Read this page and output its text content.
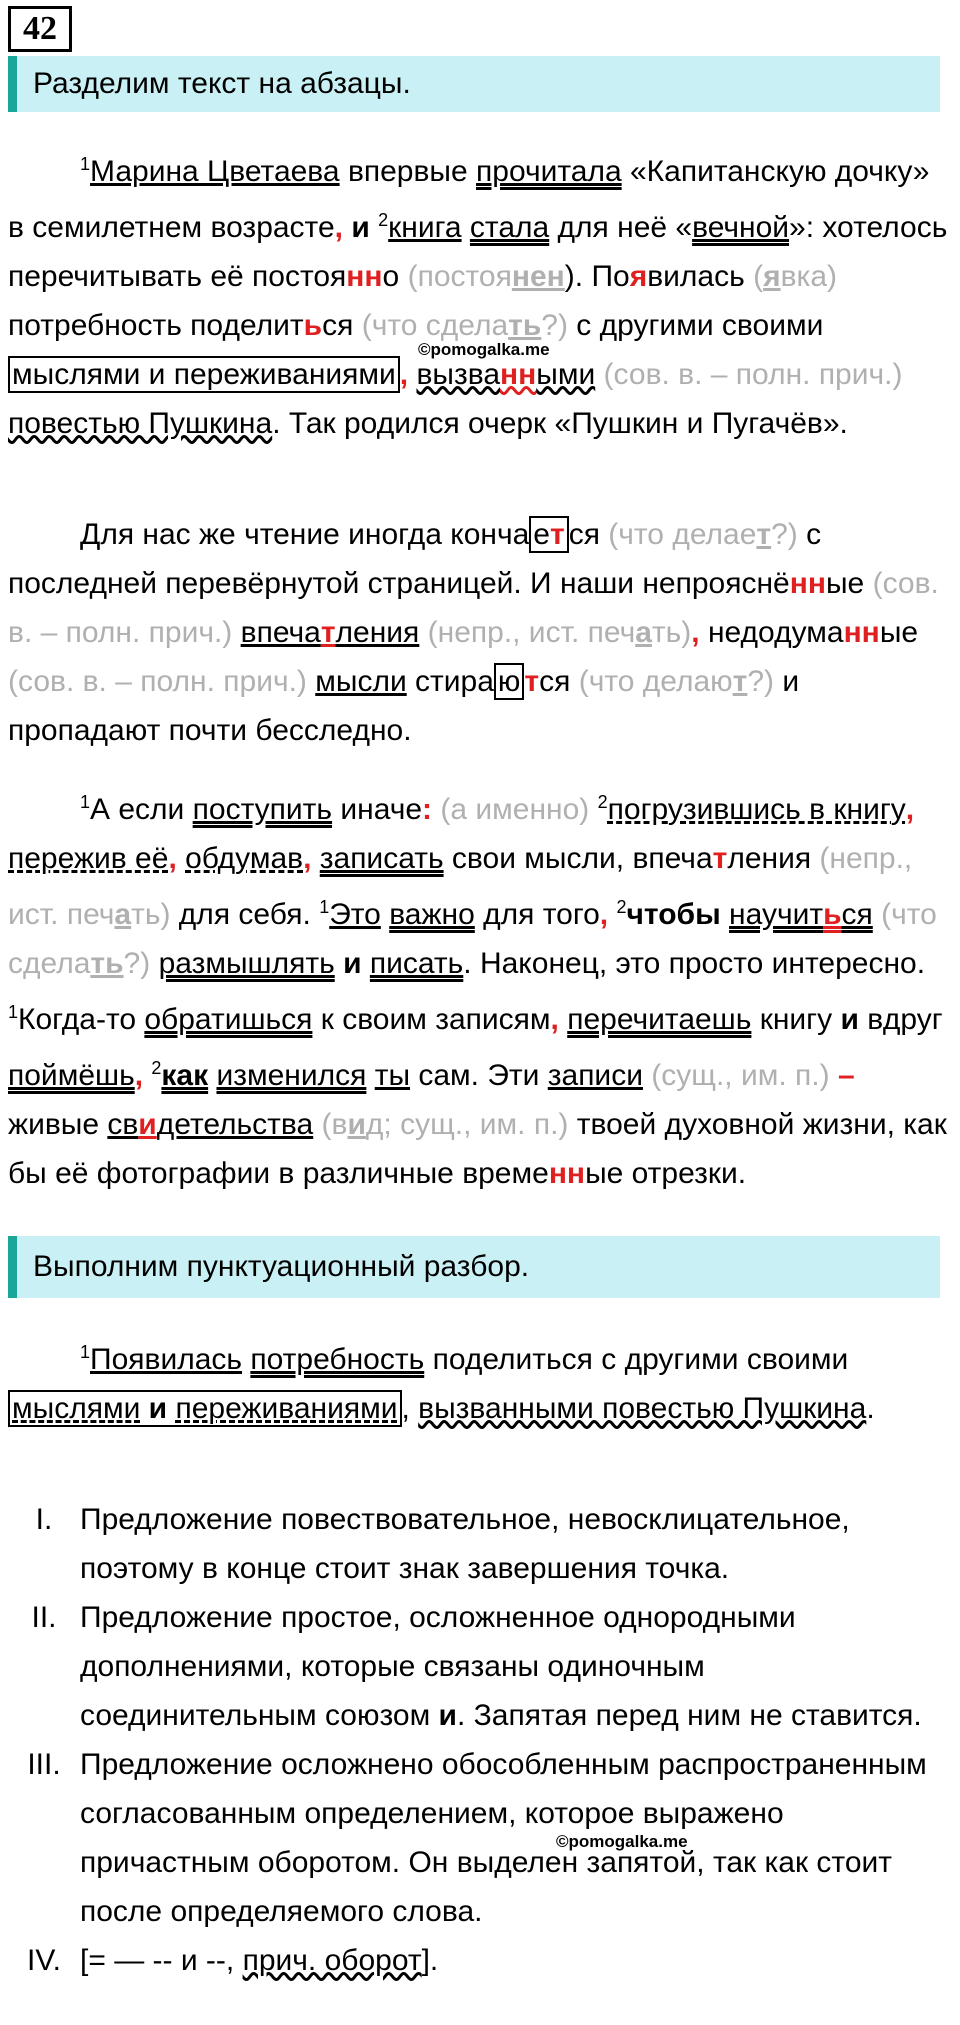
42
Разделим текст на абзацы.

$^1$Марина Цветаева впервые прочитала «Капитанскую дочку» в семилетнем возрасте, и $^2$книга стала для неё «вечной»: хотелось перечитывать её постоянно (постоянен). Появилась (явка) потребность поделиться (что сделать?) с другими своими мыслями и переживаниями , вызванными (сов. в. – полн. прич.) повестью Пушкина. Так родился очерк «Пушкин и Пугачёв».

©pomogalka.me

Для нас же чтение иногда конча ет ся (что делает?) с последней перевёрнутой страницей. И наши непрояснённые (сов. в. – полн. прич.) впечатления (непр., ист. печать), недодуманные (сов. в. – полн. прич.) мысли стира ю тся (что делают?) и пропадают почти бесследно.

$^1$А если поступить иначе: (а именно) $^2$погрузившись в книгу, пережив её, обдумав, записать свои мысли, впечатления (непр., ист. печать) для себя. $^1$Это важно для того, $^2$чтобы научиться (что сделать?) размышлять и писать. Наконец, это просто интересно. $^1$Когда-то обратишься к своим записям, перечитаешь книгу и вдруг поймёшь, $^2$как изменился ты сам. Эти записи (сущ., им. п.) – живые свидетельства (вид; сущ., им. п.) твоей духовной жизни, как бы её фотографии в различные временные отрезки.

Выполним пунктуационный разбор.

$^1$Появилась потребность поделиться с другими своими мыслями и переживаниями , вызванными повестью Пушкина.

I. Предложение повествовательное, невосклицательное, поэтому в конце стоит знак завершения точка.
II. Предложение простое, осложненное однородными дополнениями, которые связаны одиночным соединительным союзом и. Запятая перед ним не ставится.
III. Предложение осложнено обособленным распространенным согласованным определением, которое выражено причастным оборотом. Он выделен запятой, так как стоит после определяемого слова.
IV. [= — -- и --, прич. оборот].
©pomogalka.me
